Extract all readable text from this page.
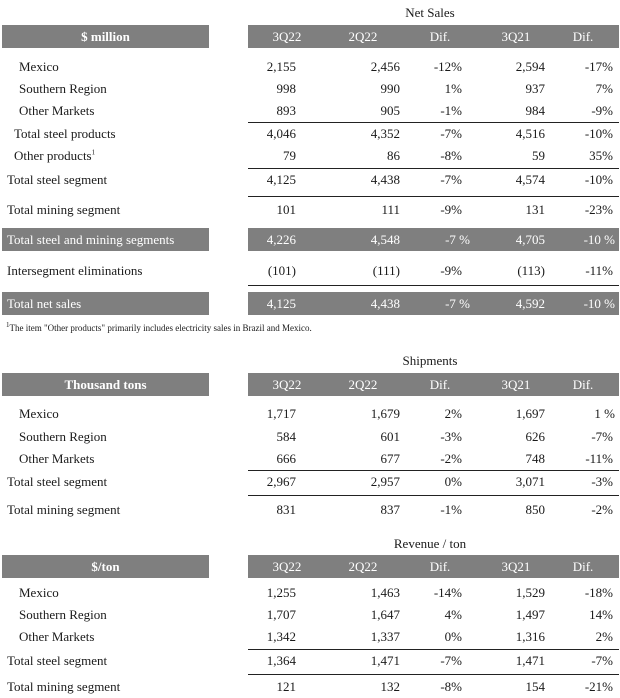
Net Sales
$ million	3Q22	2Q22	Dif.	3Q21	Dif.
Mexico	2,155	2,456	-12%	2,594	-17%
Southern Region	998	990	1%	937	7%
Other Markets	893	905	-1%	984	-9%
Total steel products	4,046	4,352	-7%	4,516	-10%
Other products$^1$	79	86	-8%	59	35%
Total steel segment	4,125	4,438	-7%	4,574	-10%
Total mining segment	101	111	-9%	131	-23%
Total steel and mining segments	4,226	4,548	-7 %	4,705	-10 %
Intersegment eliminations	(101)	(111)	-9%	(113)	-11%
Total net sales	4,125	4,438	-7 %	4,592	-10 %
$^1$The item "Other products" primarily includes electricity sales in Brazil and Mexico.
Shipments
Thousand tons	3Q22	2Q22	Dif.	3Q21	Dif.
Mexico	1,717	1,679	2%	1,697	1 %
Southern Region	584	601	-3%	626	-7%
Other Markets	666	677	-2%	748	-11%
Total steel segment	2,967	2,957	0%	3,071	-3%
Total mining segment	831	837	-1%	850	-2%
Revenue / ton
$/ton	3Q22	2Q22	Dif.	3Q21	Dif.
Mexico	1,255	1,463	-14%	1,529	-18%
Southern Region	1,707	1,647	4%	1,497	14%
Other Markets	1,342	1,337	0%	1,316	2%
Total steel segment	1,364	1,471	-7%	1,471	-7%
Total mining segment	121	132	-8%	154	-21%
